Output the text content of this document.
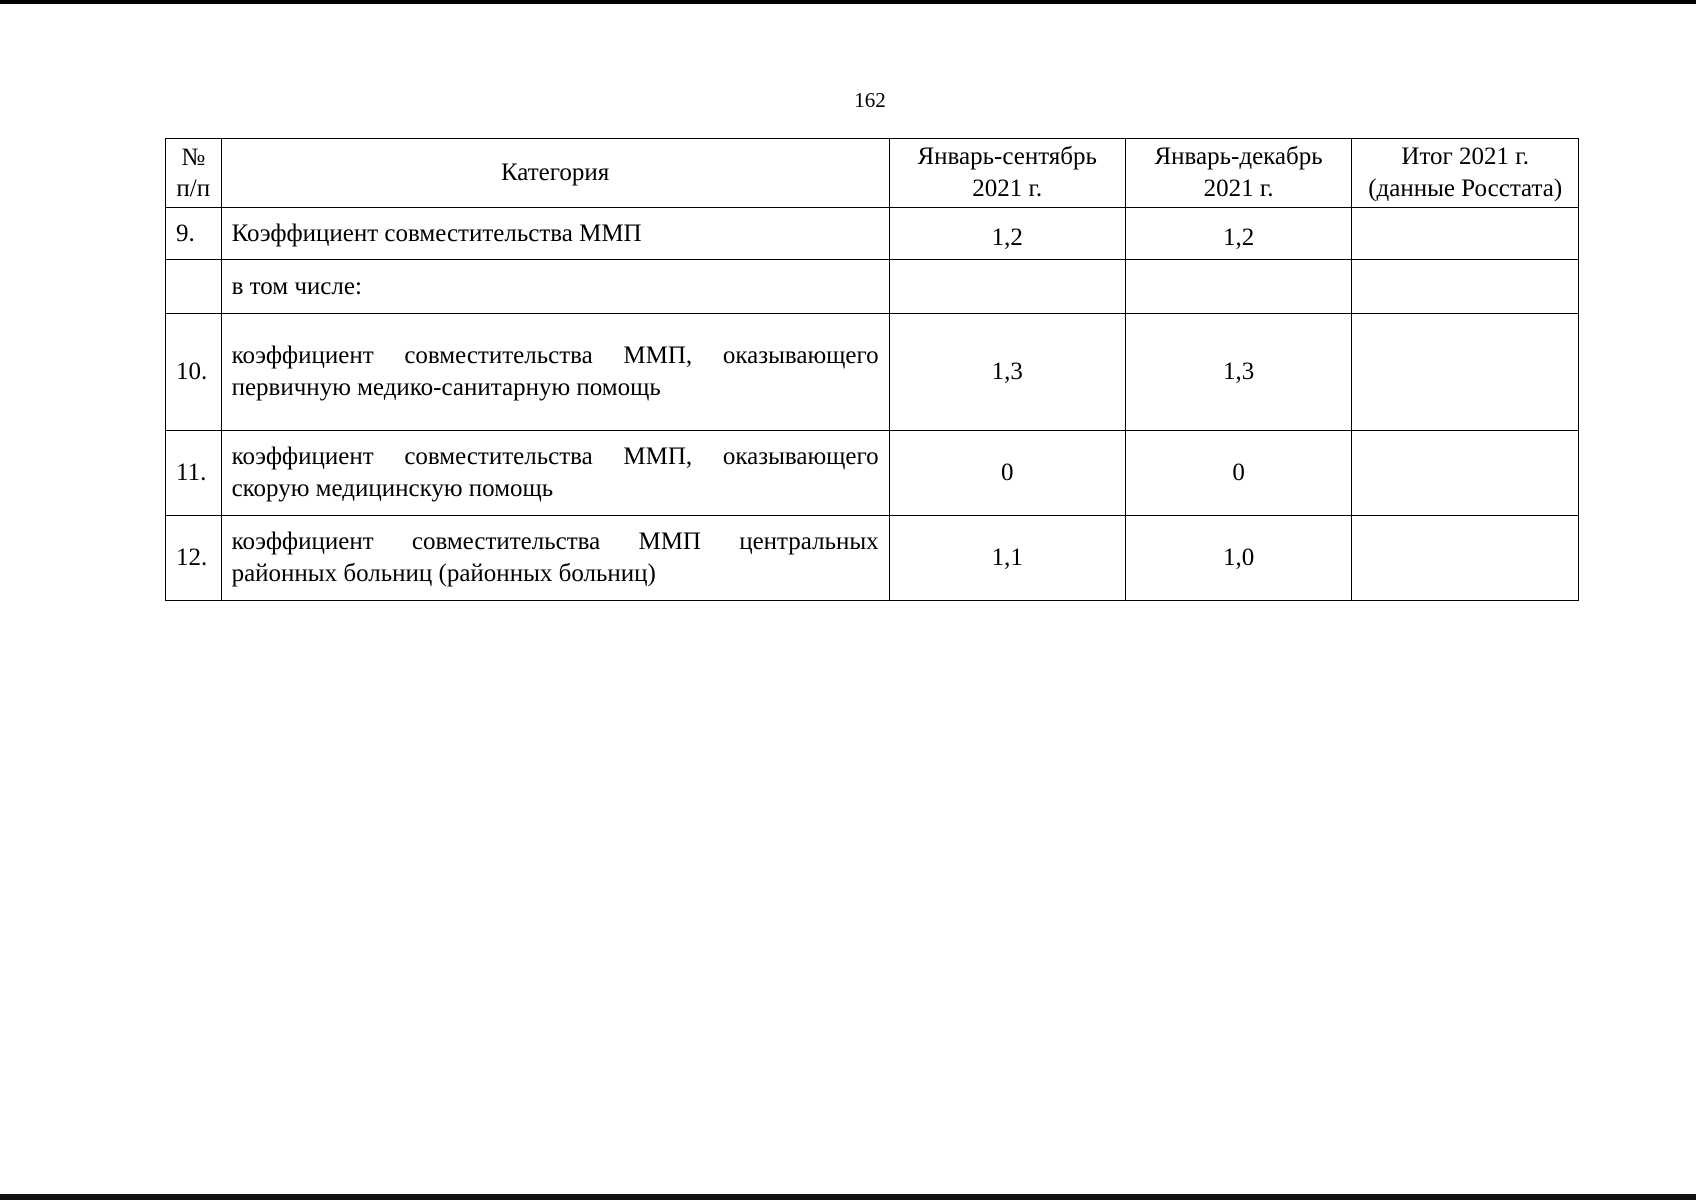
162
№ п/п	Категория	Январь-сентябрь 2021 г.	Январь-декабрь 2021 г.	Итог 2021 г. (данные Росстата)
9.	Коэффициент совместительства ММП	1,2	1,2	
	в том числе:			
10.	коэффициент совместительства ММП, оказывающего первичную медико-санитарную помощь	1,3	1,3	
11.	коэффициент совместительства ММП, оказывающего скорую медицинскую помощь	0	0	
12.	коэффициент совместительства ММП центральных районных больниц (районных больниц)	1,1	1,0	
